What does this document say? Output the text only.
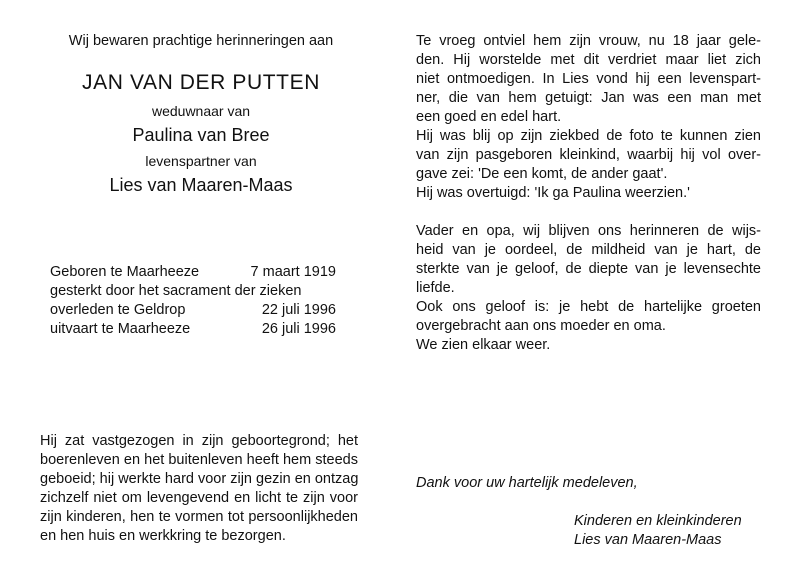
Wij bewaren prachtige herinneringen aan
JAN VAN DER PUTTEN
weduwnaar van
Paulina van Bree
levenspartner van
Lies van Maaren-Maas
Geboren te Maarheeze	7 maart 1919
gesterkt door het sacrament der zieken
overleden te Geldrop	22 juli 1996
uitvaart te Maarheeze	26 juli 1996
Hij zat vastgezogen in zijn geboortegrond; het
boerenleven en het buitenleven heeft hem steeds
geboeid; hij werkte hard voor zijn gezin en ontzag
zichzelf niet om levengevend en licht te zijn voor
zijn kinderen, hen te vormen tot persoonlijkheden
en hen huis en werkkring te bezorgen.
Te vroeg ontviel hem zijn vrouw, nu 18 jaar gele-
den. Hij worstelde met dit verdriet maar liet zich
niet ontmoedigen. In Lies vond hij een levenspart-
ner, die van hem getuigt: Jan was een man met
een goed en edel hart.
Hij was blij op zijn ziekbed de foto te kunnen zien
van zijn pasgeboren kleinkind, waarbij hij vol over-
gave zei: 'De een komt, de ander gaat'.
Hij was overtuigd: 'Ik ga Paulina weerzien.'
Vader en opa, wij blijven ons herinneren de wijs-
heid van je oordeel, de mildheid van je hart, de
sterkte van je geloof, de diepte van je levensechte
liefde.
Ook ons geloof is: je hebt de hartelijke groeten
overgebracht aan ons moeder en oma.
We zien elkaar weer.
Dank voor uw hartelijk medeleven,
Kinderen en kleinkinderen
Lies van Maaren-Maas
